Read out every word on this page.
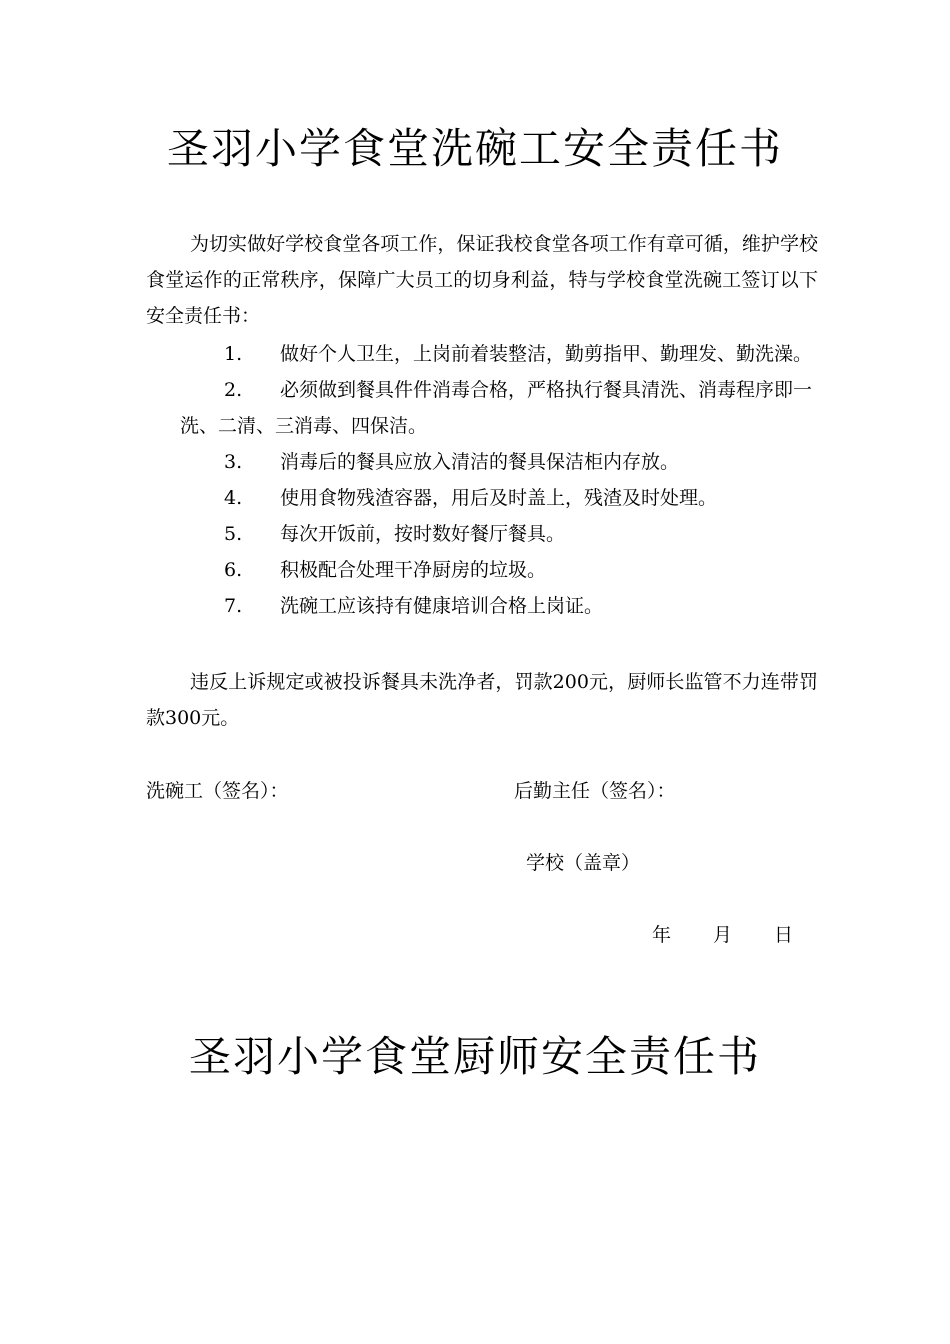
圣羽小学食堂洗碗工安全责任书
为切实做好学校食堂各项工作，保证我校食堂各项工作有章可循，维护学校食堂运作的正常秩序，保障广大员工的切身利益，特与学校食堂洗碗工签订以下安全责任书：
1.	做好个人卫生，上岗前着装整洁，勤剪指甲、勤理发、勤洗澡。
2.	必须做到餐具件件消毒合格，严格执行餐具清洗、消毒程序即一洗、二清、三消毒、四保洁。
3.	消毒后的餐具应放入清洁的餐具保洁柜内存放。
4.	使用食物残渣容器，用后及时盖上，残渣及时处理。
5.	每次开饭前，按时数好餐厅餐具。
6.	积极配合处理干净厨房的垃圾。
7.	洗碗工应该持有健康培训合格上岗证。
违反上诉规定或被投诉餐具未洗净者，罚款200元，厨师长监管不力连带罚款300元。
洗碗工（签名）：	后勤主任（签名）：
学校（盖章）
年 月 日
圣羽小学食堂厨师安全责任书
